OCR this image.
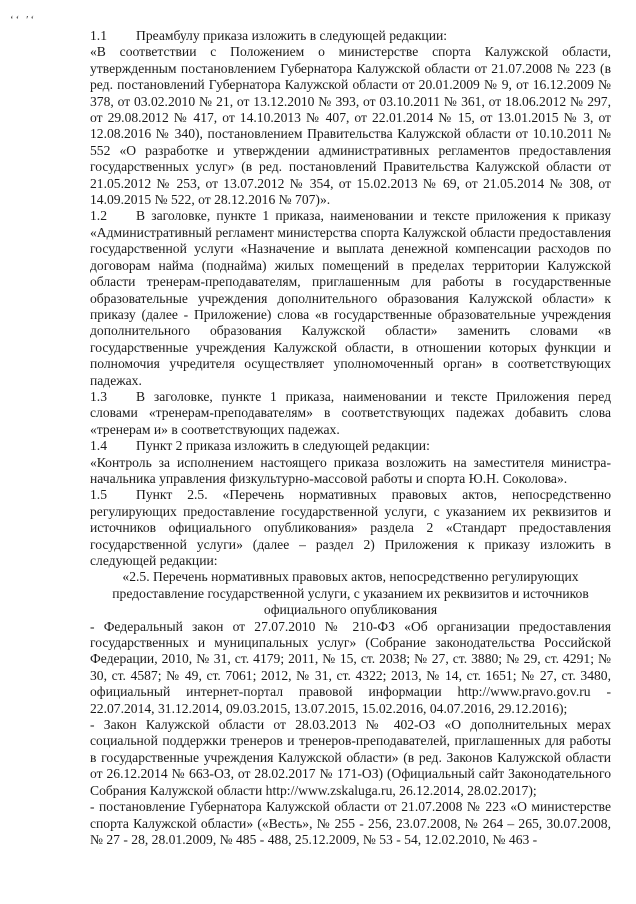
ʻʻ ′ʻ

1.1 Преамбулу приказа изложить в следующей редакции:

«В соответствии с Положением о министерстве спорта Калужской области, утвержденным постановлением Губернатора Калужской области от 21.07.2008 № 223 (в ред. постановлений Губернатора Калужской области от 20.01.2009 № 9, от 16.12.2009 № 378, от 03.02.2010 № 21, от 13.12.2010 № 393, от 03.10.2011 № 361, от 18.06.2012 № 297, от 29.08.2012 № 417, от 14.10.2013 № 407, от 22.01.2014 № 15, от 13.01.2015 № 3, от 12.08.2016 № 340), постановлением Правительства Калужской области от 10.10.2011 № 552 «О разработке и утверждении административных регламентов предоставления государственных услуг» (в ред. постановлений Правительства Калужской области от 21.05.2012 № 253, от 13.07.2012 № 354, от 15.02.2013 № 69, от 21.05.2014 № 308, от 14.09.2015 № 522, от 28.12.2016 № 707)».

1.2 В заголовке, пункте 1 приказа, наименовании и тексте приложения к приказу «Административный регламент министерства спорта Калужской области предоставления государственной услуги «Назначение и выплата денежной компенсации расходов по договорам найма (поднайма) жилых помещений в пределах территории Калужской области тренерам-преподавателям, приглашенным для работы в государственные образовательные учреждения дополнительного образования Калужской области» к приказу (далее - Приложение) слова «в государственные образовательные учреждения дополнительного образования Калужской области» заменить словами «в государственные учреждения Калужской области, в отношении которых функции и полномочия учредителя осуществляет уполномоченный орган» в соответствующих падежах.

1.3 В заголовке, пункте 1 приказа, наименовании и тексте Приложения перед словами «тренерам-преподавателям» в соответствующих падежах добавить слова «тренерам и» в соответствующих падежах.

1.4 Пункт 2 приказа изложить в следующей редакции:

«Контроль за исполнением настоящего приказа возложить на заместителя министра-начальника управления физкультурно-массовой работы и спорта Ю.Н. Соколова».

1.5 Пункт 2.5. «Перечень нормативных правовых актов, непосредственно регулирующих предоставление государственной услуги, с указанием их реквизитов и источников официального опубликования» раздела 2 «Стандарт предоставления государственной услуги» (далее – раздел 2) Приложения к приказу изложить в следующей редакции:

«2.5. Перечень нормативных правовых актов, непосредственно регулирующих предоставление государственной услуги, с указанием их реквизитов и источников официального опубликования

- Федеральный закон от 27.07.2010 № 210-ФЗ «Об организации предоставления государственных и муниципальных услуг» (Собрание законодательства Российской Федерации, 2010, № 31, ст. 4179; 2011, № 15, ст. 2038; № 27, ст. 3880; № 29, ст. 4291; № 30, ст. 4587; № 49, ст. 7061; 2012, № 31, ст. 4322; 2013, № 14, ст. 1651; № 27, ст. 3480, официальный интернет-портал правовой информации http://www.pravo.gov.ru - 22.07.2014, 31.12.2014, 09.03.2015, 13.07.2015, 15.02.2016, 04.07.2016, 29.12.2016);

- Закон Калужской области от 28.03.2013 № 402-ОЗ «О дополнительных мерах социальной поддержки тренеров и тренеров-преподавателей, приглашенных для работы в государственные учреждения Калужской области» (в ред. Законов Калужской области от 26.12.2014 № 663-ОЗ, от 28.02.2017 № 171-ОЗ) (Официальный сайт Законодательного Собрания Калужской области http://www.zskaluga.ru, 26.12.2014, 28.02.2017);

- постановление Губернатора Калужской области от 21.07.2008 № 223 «О министерстве спорта Калужской области» («Весть», № 255 - 256, 23.07.2008, № 264 – 265, 30.07.2008, № 27 - 28, 28.01.2009, № 485 - 488, 25.12.2009, № 53 - 54, 12.02.2010, № 463 -
